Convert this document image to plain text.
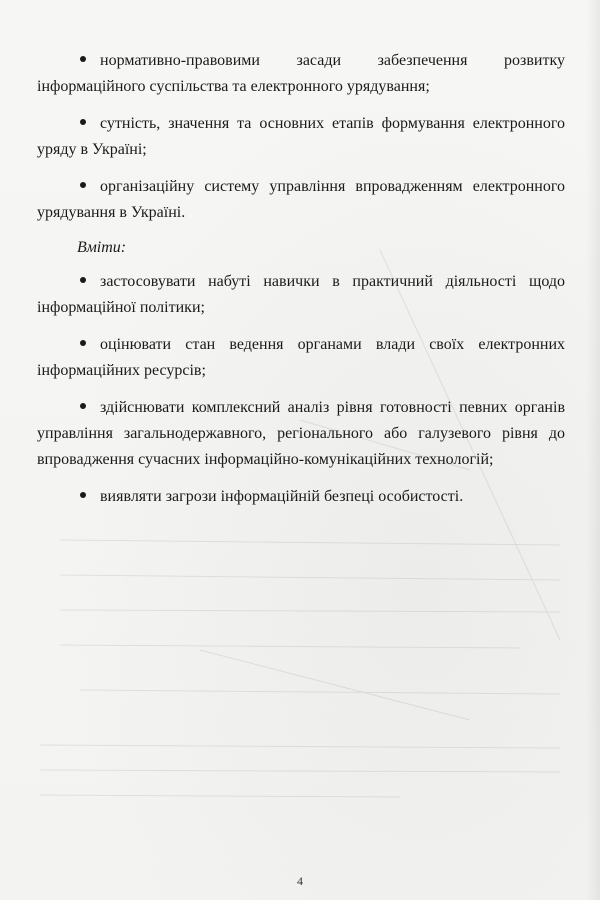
нормативно-правовими засади забезпечення розвитку інформаційного суспільства та електронного урядування;
сутність, значення та основних етапів формування електронного уряду в Україні;
організаційну систему управління впровадженням електронного урядування в Україні.
Вміти:
застосовувати набуті навички в практичний діяльності щодо інформаційної політики;
оцінювати стан ведення органами влади своїх електронних інформаційних ресурсів;
здійснювати комплексний аналіз рівня готовності певних органів управління загальнодержавного, регіонального або галузевого рівня до впровадження сучасних інформаційно-комунікаційних технологій;
виявляти загрози інформаційній безпеці особистості.
4
